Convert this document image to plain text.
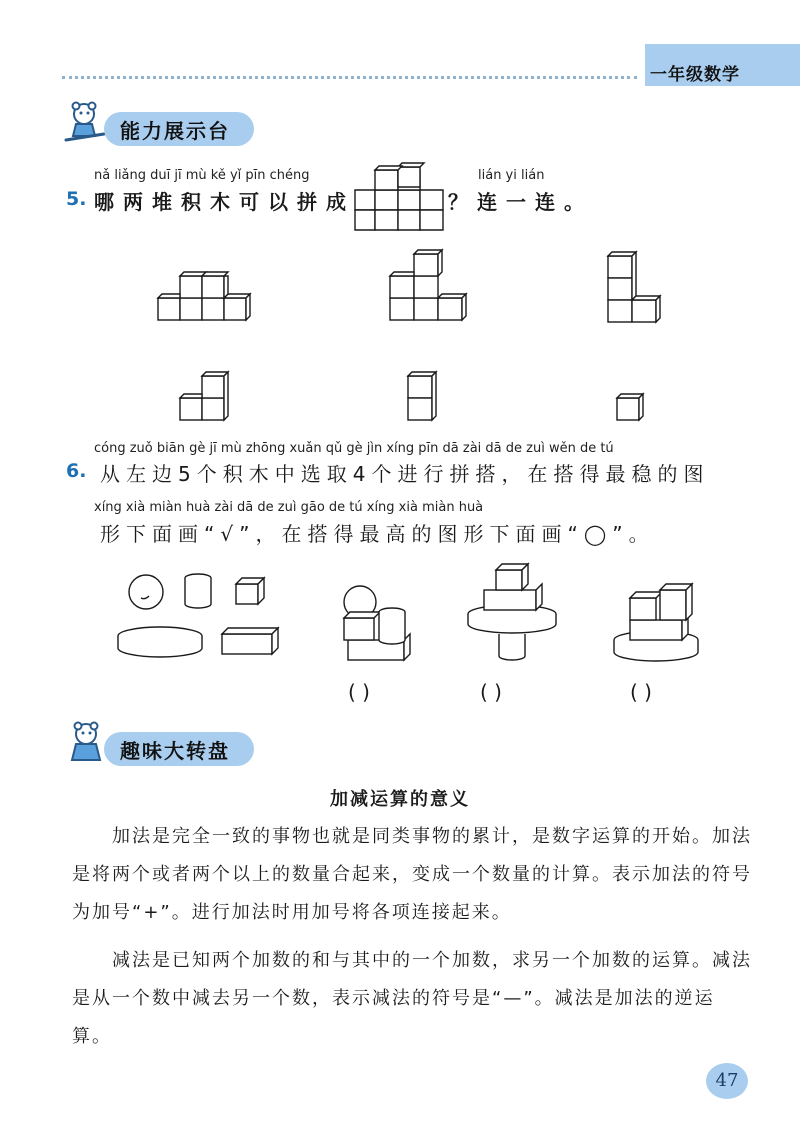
一年级数学
能力展示台
nǎ liǎng duī jī mù kě yǐ pīn chéng
5. 哪两堆积木可以拼成
lián yi lián
？连一连。
cóng zuǒ biān gè jī mù zhōng xuǎn qǔ gè jìn xíng pīn dā zài dā de zuì wěn de tú
6. 从左边5个积木中选取4个进行拼搭，在搭得最稳的图
xíng xià miàn huà zài dā de zuì gāo de tú xíng xià miàn huà
形下面画“√”，在搭得最高的图形下面画“◯”。
( )	( )	( )
趣味大转盘
加减运算的意义
加法是完全一致的事物也就是同类事物的累计，是数字运算的开始。加法是将两个或者两个以上的数量合起来，变成一个数量的计算。表示加法的符号为加号“+”。进行加法时用加号将各项连接起来。
减法是已知两个加数的和与其中的一个加数，求另一个加数的运算。减法是从一个数中减去另一个数，表示减法的符号是“—”。减法是加法的逆运算。
47
